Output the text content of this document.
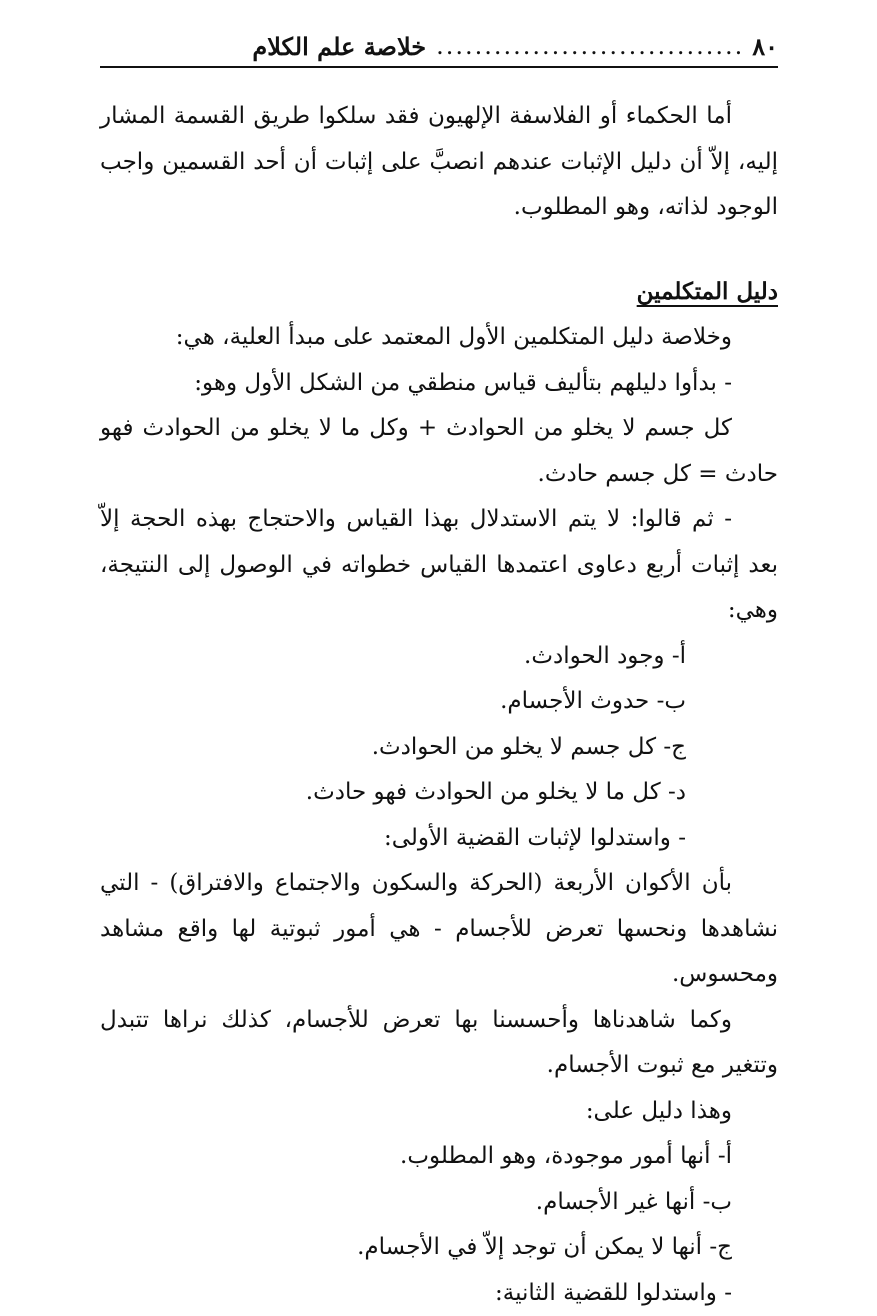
٨٠
................................
خلاصة علم الكلام

أما الحكماء أو الفلاسفة الإلهيون فقد سلكوا طريق القسمة المشار إليه، إلاّ أن دليل الإثبات عندهم انصبَّ على إثبات أن أحد القسمين واجب الوجود لذاته، وهو المطلوب.

دليل المتكلمين

وخلاصة دليل المتكلمين الأول المعتمد على مبدأ العلية، هي:

- بدأوا دليلهم بتأليف قياس منطقي من الشكل الأول وهو:

كل جسم لا يخلو من الحوادث + وكل ما لا يخلو من الحوادث فهو حادث = كل جسم حادث.

- ثم قالوا: لا يتم الاستدلال بهذا القياس والاحتجاج بهذه الحجة إلاّ بعد إثبات أربع دعاوى اعتمدها القياس خطواته في الوصول إلى النتيجة، وهي:

أ- وجود الحوادث.

ب- حدوث الأجسام.

ج- كل جسم لا يخلو من الحوادث.

د- كل ما لا يخلو من الحوادث فهو حادث.

- واستدلوا لإثبات القضية الأولى:

بأن الأكوان الأربعة (الحركة والسكون والاجتماع والافتراق) - التي نشاهدها ونحسها تعرض للأجسام - هي أمور ثبوتية لها واقع مشاهد ومحسوس.

وكما شاهدناها وأحسسنا بها تعرض للأجسام، كذلك نراها تتبدل وتتغير مع ثبوت الأجسام.

وهذا دليل على:

أ- أنها أمور موجودة، وهو المطلوب.

ب- أنها غير الأجسام.

ج- أنها لا يمكن أن توجد إلاّ في الأجسام.

- واستدلوا للقضية الثانية:
